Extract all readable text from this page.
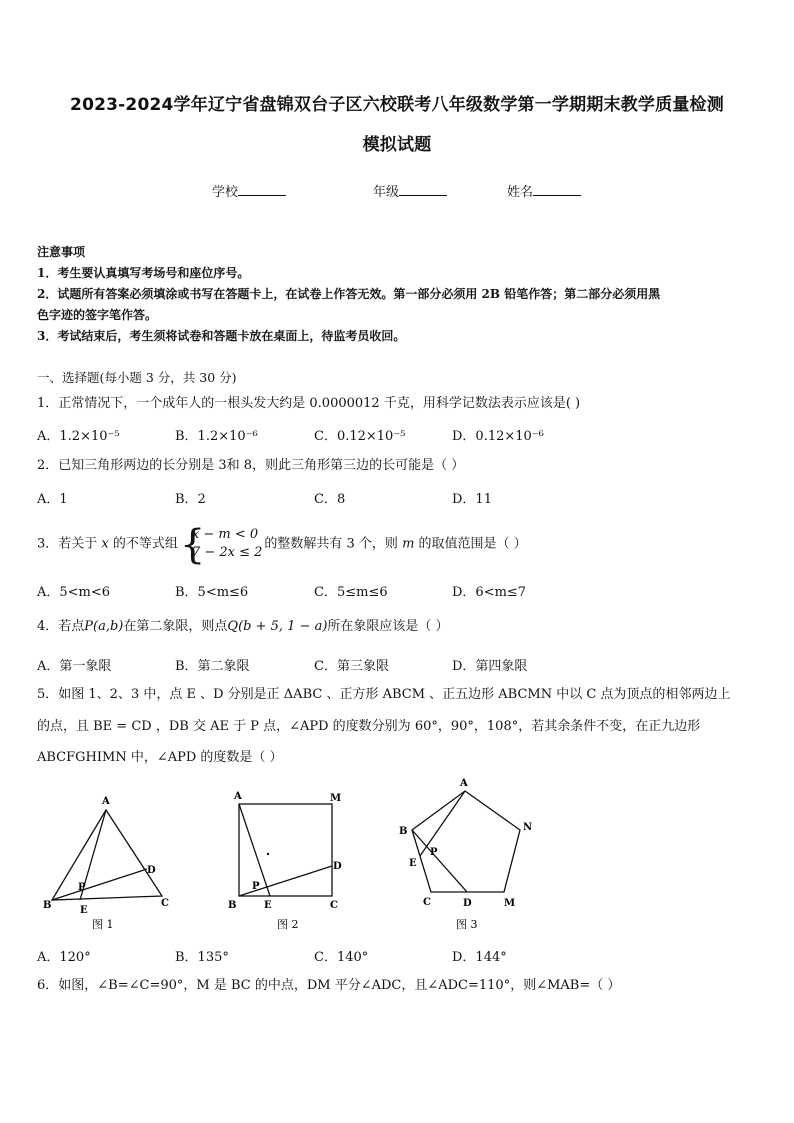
2023-2024学年辽宁省盘锦双台子区六校联考八年级数学第一学期期末教学质量检测
模拟试题
学校	年级	姓名
注意事项
1．考生要认真填写考场号和座位序号。
2．试题所有答案必须填涂或书写在答题卡上，在试卷上作答无效。第一部分必须用 2B 铅笔作答；第二部分必须用黑
色字迹的签字笔作答。
3．考试结束后，考生须将试卷和答题卡放在桌面上，待监考员收回。
一、选择题(每小题 3 分，共 30 分)
1．正常情况下，一个成年人的一根头发大约是 0.0000012 千克，用科学记数法表示应该是( )
A．1.2×10⁻⁵	B．1.2×10⁻⁶	C．0.12×10⁻⁵	D．0.12×10⁻⁶
2．已知三角形两边的长分别是 3和 8，则此三角形第三边的长可能是（ ）
A．1	B．2	C．8	D．11
3．若关于 x 的不等式组 {
x − m < 0
7 − 2x ≤ 2
的整数解共有 3 个，则 m 的取值范围是（ ）
A．5<m<6	B．5<m≤6	C．5≤m≤6	D．6<m≤7
4．若点P(a,b)在第二象限，则点Q(b + 5, 1 − a)所在象限应该是（ ）
A．第一象限	B．第二象限	C．第三象限	D．第四象限
5．如图 1、2、3 中，点 E 、D 分别是正 ΔABC 、正方形 ABCM 、正五边形 ABCMN 中以 C 点为顶点的相邻两边上
的点，且 BE = CD ，DB 交 AE 于 P 点，∠APD 的度数分别为 60°，90°，108°，若其余条件不变，在正九边形
ABCFGHIMN 中，∠APD 的度数是（ ）
A
B	C
D
E
P
图 1
A
B	C
D
E
P
M
图 2
A
B
C	D
E
P
M
N
图 3
A．120°	B．135°	C．140°	D．144°
6．如图，∠B=∠C=90°，M 是 BC 的中点，DM 平分∠ADC，且∠ADC=110°，则∠MAB=（ ）
